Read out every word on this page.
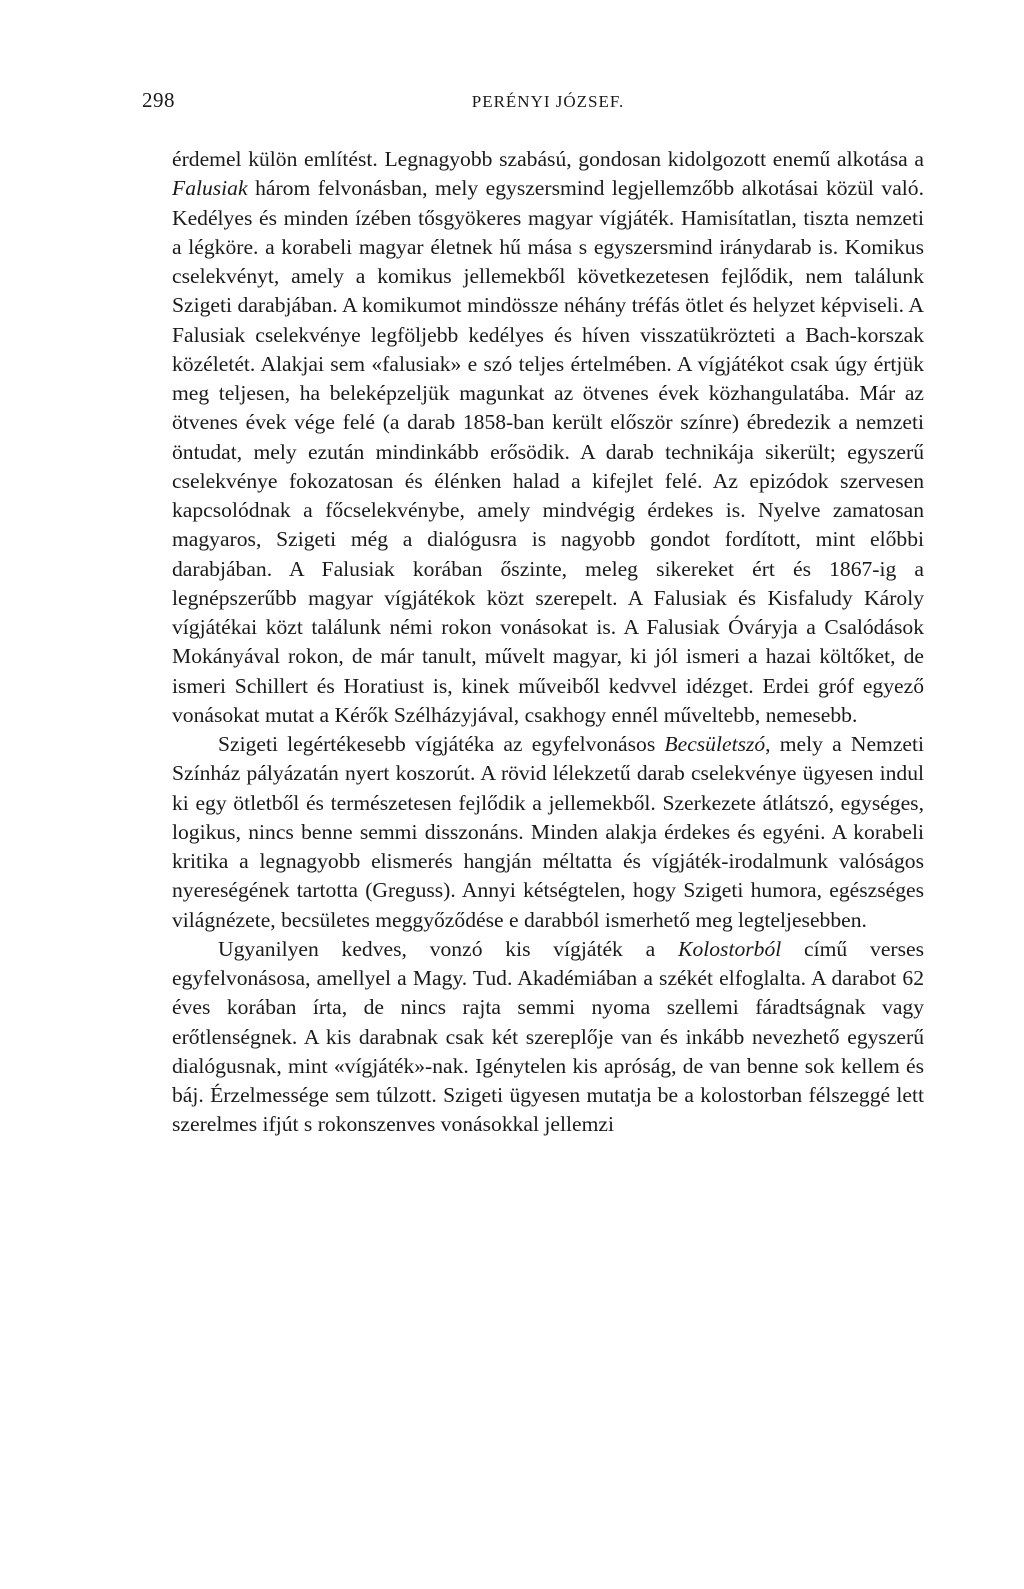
298	PERÉNYI JÓZSEF.

érdemel külön említést. Legnagyobb szabású, gondosan kidolgozott enemű alkotása a Falusiak három felvonásban, mely egyszersmind legjellemzőbb alkotásai közül való. Kedélyes és minden ízében tősgyökeres magyar vígjáték. Hamisítatlan, tiszta nemzeti a légköre. a korabeli magyar életnek hű mása s egyszersmind iránydarab is. Komikus cselekvényt, amely a komikus jellemekből következetesen fejlődik, nem találunk Szigeti darabjában. A komikumot mindössze néhány tréfás ötlet és helyzet képviseli. A Falusiak cselekvénye legföljebb kedélyes és híven visszatükrözteti a Bach-korszak közéletét. Alakjai sem «falusiak» e szó teljes értelmében. A vígjátékot csak úgy értjük meg teljesen, ha beleképzeljük magunkat az ötvenes évek közhangulatába. Már az ötvenes évek vége felé (a darab 1858-ban került először színre) ébredezik a nemzeti öntudat, mely ezután mindinkább erősödik. A darab technikája sikerült; egyszerű cselekvénye fokozatosan és élénken halad a kifejlet felé. Az epizódok szervesen kapcsolódnak a főcselekvénybe, amely mindvégig érdekes is. Nyelve zamatosan magyaros, Szigeti még a dialógusra is nagyobb gondot fordított, mint előbbi darabjában. A Falusiak korában őszinte, meleg sikereket ért és 1867-ig a legnépszerűbb magyar vígjátékok közt szerepelt. A Falusiak és Kisfaludy Károly vígjátékai közt találunk némi rokon vonásokat is. A Falusiak Óváryja a Csalódások Mokányával rokon, de már tanult, művelt magyar, ki jól ismeri a hazai költőket, de ismeri Schillert és Horatiust is, kinek műveiből kedvvel idézget. Erdei gróf egyező vonásokat mutat a Kérők Szélházyjával, csakhogy ennél műveltebb, nemesebb.

Szigeti legértékesebb vígjátéka az egyfelvonásos Becsületszó, mely a Nemzeti Színház pályázatán nyert koszorút. A rövid lélekzetű darab cselekvénye ügyesen indul ki egy ötletből és természetesen fejlődik a jellemekből. Szerkezete átlátszó, egységes, logikus, nincs benne semmi disszonáns. Minden alakja érdekes és egyéni. A korabeli kritika a legnagyobb elismerés hangján méltatta és vígjáték-irodalmunk valóságos nyereségének tartotta (Greguss). Annyi kétségtelen, hogy Szigeti humora, egészséges világnézete, becsületes meggyőződése e darabból ismerhető meg legteljesebben.

Ugyanilyen kedves, vonzó kis vígjáték a Kolostorból című verses egyfelvonásosa, amellyel a Magy. Tud. Akadémiában a székét elfoglalta. A darabot 62 éves korában írta, de nincs rajta semmi nyoma szellemi fáradtságnak vagy erőtlenségnek. A kis darabnak csak két szereplője van és inkább nevezhető egyszerű dialógusnak, mint «vígjáték»-nak. Igénytelen kis apróság, de van benne sok kellem és báj. Érzelmessége sem túlzott. Szigeti ügyesen mutatja be a kolostorban félszeggé lett szerelmes ifjút s rokonszenves vonásokkal jellemzi
